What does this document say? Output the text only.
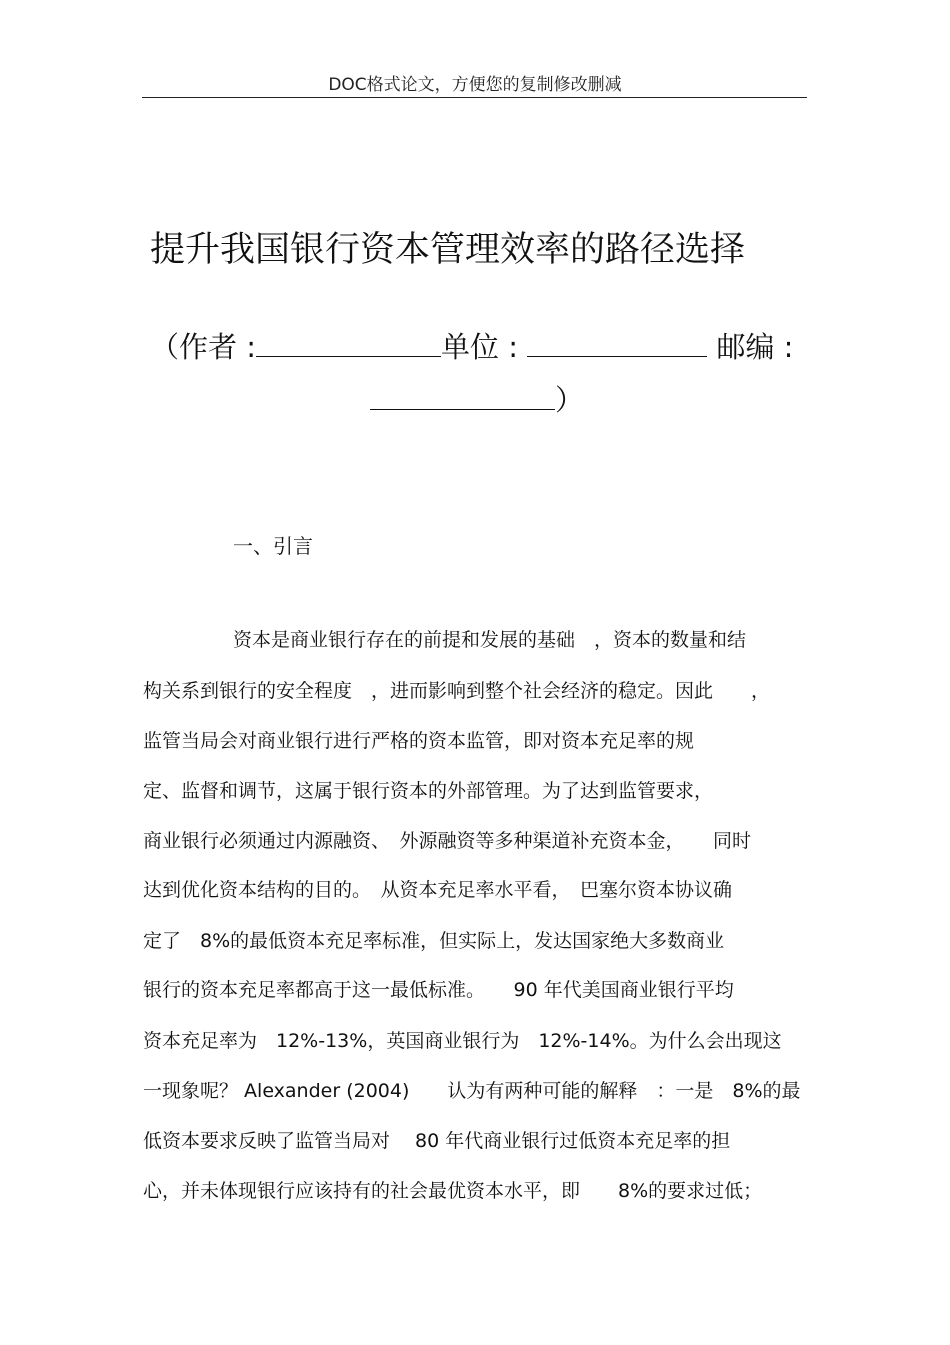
DOC格式论文，方便您的复制修改删减
提升我国银行资本管理效率的路径选择
（作者 :	单位 :	邮编 :
）
一、引言
资本是商业银行存在的前提和发展的基础　，资本的数量和结
构关系到银行的安全程度　，进而影响到整个社会经济的稳定。因此　　，
监管当局会对商业银行进行严格的资本监管，即对资本充足率的规
定、监督和调节，这属于银行资本的外部管理。为了达到监管要求，
商业银行必须通过内源融资、　外源融资等多种渠道补充资本金，　　同时
达到优化资本结构的目的。　从资本充足率水平看，　巴塞尔资本协议确
定了　8%的最低资本充足率标准，但实际上，发达国家绝大多数商业
银行的资本充足率都高于这一最低标准。　　90 年代美国商业银行平均
资本充足率为　12%-13%，英国商业银行为　12%-14%。为什么会出现这
一现象呢？ Alexander (2004)　　认为有两种可能的解释　：一是　8%的最
低资本要求反映了监管当局对　 80 年代商业银行过低资本充足率的担
心，并未体现银行应该持有的社会最优资本水平，即　　8%的要求过低；
